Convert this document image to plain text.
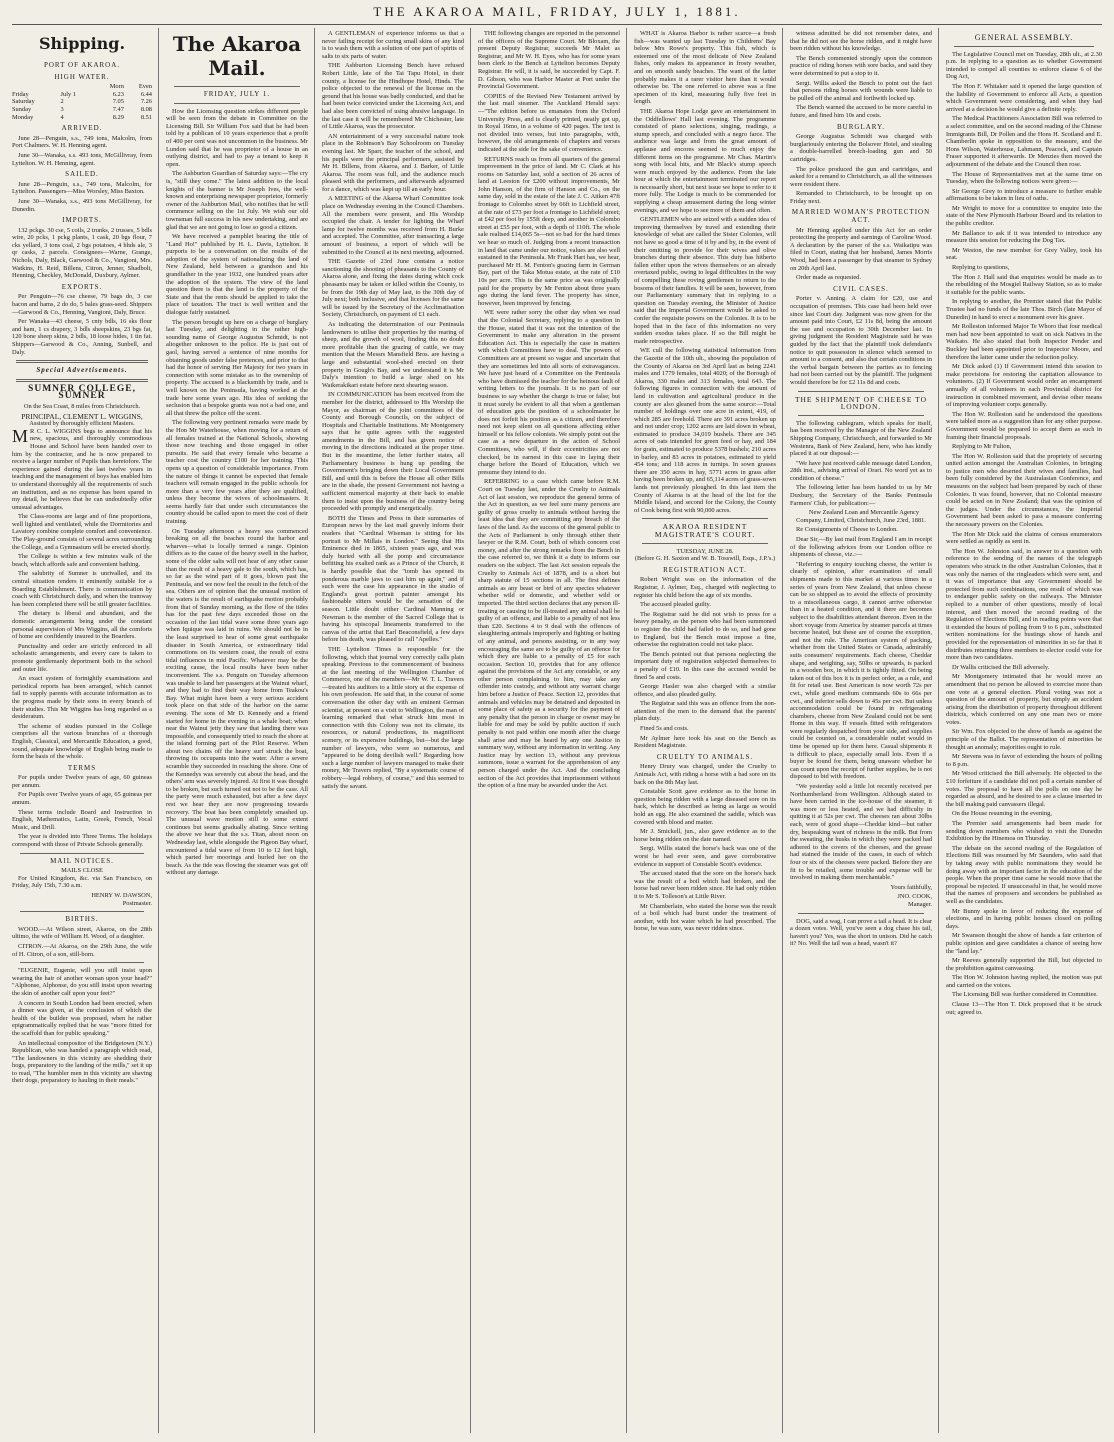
THE AKAROA MAIL, FRIDAY, JULY 1, 1881.
Shipping.
PORT OF AKAROA.
HIGH WATER.
		Morn	Even
Friday	July 1	6.23	6.44
Saturday	2	7.05	7.26
Sunday	3	7.47	8.08
Monday	4	8.29	8.51
ARRIVED.

June 28—Penguin, s.s., 749 tons, Malcolm, from Port Chalmers. W. H. Henning agent.

June 30—Wanaka, s.s. 493 tons, McGillivray, from Lyttelton. W. H. Henning, agent.

SAILED.

June 28—Penguin, s.s., 749 tons, Malcolm, for Lyttelton. Passengers—Miss Worsley, Miss Baxton.

June 30—Wanaka, s.s., 493 tons McGillivray, for Dunedin.

IMPORTS.

132 pckgs. 30 cse, 5 coils, 2 trunks, 2 trusses, 5 bdls wire, 20 pcks, 1 pckg plants, 1 cask, 20 bgs flour, 7 cks yellard, 3 tons coal, 2 bgs potatoes, 4 hhds ale, 3 qr casks, 2 parcels. Consignees—Warne, Grange, Nichols, Daly, Black, Garwood & Co., Vangioni, Mrs. Watkins, H. Reid, Billens, Citron, Jenner, Shadbolt, Henning, Checkley, McDonald, Duxbury, Aylmer.

EXPORTS.

Per Penguin—76 cse cheese, 79 bags do, 3 cse bacon and hams, 2 do do, 5 bales grass-seed. Shippers—Garwood & Co., Henning, Vangioni, Daly, Bruce.

Per Wanaka—43 cheese, 5 cnty bdls, 16 sks flour and ham, 1 cs drapery, 3 bdls sheepskins, 23 bgs fat, 120 bone sheep skins, 2 bdls, 18 loose hides, 1 tin fat. Shippers—Garwood & Co., Anning, Sunbell, and Daly.

Special Advertisements.
SUMNER COLLEGE, SUMNER
On the Sea Coast, 8 miles from Christchurch.
PRINCIPAL, CLEMENT L. WIGGINS,
Assisted by thoroughly efficient Masters.

M R C. L. WIGGINS begs to announce that his new, spacious, and thoroughly commodious House and School have been handed over to him by the contractor, and he is now prepared to receive a larger number of Pupils than heretofore. The experience gained during the last twelve years in teaching and the management of boys has enabled him to understand thoroughly all the requirements of such an institution, and as no expense has been spared in my detail, he believes that he can undoubtedly offer unusual advantages.

The Class-rooms are large and of fine proportions, well lighted and ventilated, while the Dormitories and Lavatory combine complete comfort and convenience. The Play-ground consists of several acres surrounding the College, and a Gymnasium will be erected shortly.

The College is within a few minutes walk of the beach, which affords safe and convenient bathing.

The salubrity of Sumner is unrivalled, and its central situation renders it eminently suitable for a Boarding Establishment. There is communication by coach with Christchurch daily, and when the tramway has been completed there will be still greater facilities.

The dietary is liberal and abundant, and the domestic arrangements being under the constant personal supervision of Mrs Wiggins, all the comforts of home are confidently insured to the Boarders.

Punctuality and order are strictly enforced in all scholastic arrangements, and every care is taken to promote gentlemanly deportment both in the school and outer life.

An exact system of fortnightly examinations and periodical reports has been arranged, which cannot fail to supply parents with accurate information as to the progress made by their sons in every branch of their studies. This Mr Wiggins has long regarded as a desideratum.

The scheme of studies pursued in the College comprises all the various branches of a thorough English, Classical, and Mercantile Education, a good, sound, adequate knowledge of English being made to form the basis of the whole.

TERMS

For pupils under Twelve years of age, 60 guineas per annum.

For Pupils over Twelve years of age, 65 guineas per annum.

These terms include Board and Instruction in English, Mathematics, Latin, Greek, French, Vocal Music, and Drill.

The year is divided into Three Terms. The holidays correspond with those of Private Schools generally.

MAIL NOTICES.
MAILS CLOSE

For United Kingdom, &c. via San Francisco, on Friday, July 15th, 7.30 a.m.

HENRY W. DAWSON,
Postmaster.
BIRTHS.

WOOD.—At Wilson street, Akaroa, on the 28th ultimo, the wife of William H. Wood, of a daughter.

CITRON.—At Akaroa, on the 29th June, the wife of H. Citron, of a son, still-born.

"EUGENIE, Eugenie, will you still insist upon wearing the hair of another woman upon your head?" "Alphonse, Alphonse, do you still insist upon wearing the skin of another calf upon your feet?"

A concern in South London had been erected, when a dinner was given, at the conclusion of which the health of the builder was proposed, when he rather epigrammatically replied that he was "more fitted for the scaffold than for public speaking."

An intellectual compositor of the Bridgetown (N.Y.) Republican, who was handed a paragraph which read, "The landowners in this vicinity are shedding their hogs, preparatory to the landing of the mills," set it up to read, "The humbler men in this vicinity are shaving their dogs, preparatory to hauling in their meals."

The Akaroa Mail.
FRIDAY, JULY 1.

How the Licensing question strikes different people will be seen from the debate in Committee on the Licensing Bill. Sir William Fox said that he had been told by a publican of 10 years experience that a profit of 400 per cent was not uncommon in the business. Mr Lundon said that he was proprietor of a house in an outlying district, and had to pay a tenant to keep it open.

The Ashburton Guardian of Saturday says:—The cry is, "still they come." The latest addition to the local knights of the banner is Mr Joseph Ives, the well-known and enterprising newspaper proprietor, formerly owner of the Ashburton Mail, who notifies that he will commence selling on the 1st July. We wish our old townsman full success in his new undertaking, and are glad that we are not going to lose so good a citizen.

We have received a pamphlet bearing the title of "Land Ho!" published by H. L. Davis, Lyttelton. It purports to be a conversation on the results of the adoption of the system of nationalizing the land of New Zealand, held between a grandson and his grandfather in the year 1932, one hundred years after the adoption of the system. The view of the land question there is that the land is the property of the State and that the rents should be applied to take the place of taxation. The tract is well written and the dialogue fairly sustained.

The person brought up here on a charge of burglary last Tuesday, and delighting in the rather high-sounding name of George Augustus Schmidt, is not altogether unknown to the police. He is just out of gaol, having served a sentence of nine months for obtaining goods under false pretences, and prior to that had the honor of serving Her Majesty for two years in connection with some mistake as to the ownership of property. The accused is a blacksmith by trade, and is well known on the Peninsula, having worked at the trade here some years ago. His idea of seeking the seclusion that a bespoke grants was not a bad one, and all that threw the police off the scent.

The following very pertinent remarks were made by the Hon Mr Waterhouse, when moving for a return of all females trained at the National Schools, showing those now teaching and those engaged in other pursuits. He said that every female who became a teacher cost the country £100 for her training. This opens up a question of considerable importance. From the nature of things it cannot be expected that female teachers will remain engaged in the public schools for more than a very few years after they are qualified, unless they become the wives of schoolmasters. It seems hardly fair that under such circumstances the country should be called upon to meet the cost of their training.

On Tuesday afternoon a heavy sea commenced breaking on all the beaches round the harbor and wharves—what is locally termed a range. Opinion differs as to the cause of the heavy swell in the harbor, some of the older salts will not hear of any other cause than the result of a heavy gale to the south, which has, so far as the wind part of it goes, blown past the Peninsula, and we now feel the result in the fetch of the sea. Others are of opinion that the unusual motion of the waters is the result of earthquake motion probably from that of Sunday morning, as the flow of the tides has for the past few days exceeded those on the occasion of the last tidal wave some three years ago when Iquique was laid in ruins. We should not be in the least surprised to hear of some great earthquake disaster in South America, or extraordinary tidal commotions on its western coast, the result of extra tidal influences in mid Pacific. Whatever may be the exciting cause, the local results have been rather inconvenient. The s.s. Penguin on Tuesday afternoon was unable to land her passengers at the Wainui wharf, and they had to find their way home from Teakou's Bay. What might have been a very serious accident took place on that side of the harbor on the same evening. The sons of Mr D. Kennedy and a friend started for home in the evening in a whale boat; when near the Wainui jetty they saw that landing there was impossible, and consequently tried to reach the shore at the island forming part of the Pilot Reserve. When about two chains off the heavy surf struck the boat, throwing its occupants into the water. After a severe scramble they succeeded in reaching the shore. One of the Kennedys was severely cut about the head, and the others' arm was severely injured. At first it was thought to be broken, but such turned out not to be the case. All the party were much exhausted, but after a few days' rest we hear they are now progressing towards recovery. The boat has been completely smashed up. The unusual wave motion still to some extent continues but seems gradually abating. Since writing the above we hear that the s.s. Titan, about noon on Wednesday last, while alongside the Pigeon Bay wharf, encountered a tidal wave of from 10 to 12 feet high, which parted her moorings and hurled her on the beach. As the tide was flowing the steamer was got off without any damage.

A GENTLEMAN of experience informs us that a never failing receipt for curing small skins of any kind is to wash them with a solution of one part of spirits of salts to six parts of water.

THE Ashburton Licensing Bench have refused Robert Little, late of the Tai Tapu Hotel, in their county, a license for the Hindhope Hotel, Hinds. The police objected to the renewal of the license on the ground that his house was badly conducted, and that he had been twice convicted under the Licensing Act, and had also been convicted of using abusive language. In the last case it will be remembered Mr Chichester, late of Little Akaroa, was the prosecutor.

AN entertainment of a very successful nature took place in the Robinson's Bay Schoolroom on Tuesday evening last. Mr Sparr, the teacher of the school, and his pupils were the principal performers, assisted by Mr H. Billens, from Akaroa, and J. Barker, of Little Akaroa. The room was full, and the audience much pleased with the performers, and afterwards adjourned for a dance, which was kept up till an early hour.

A MEETING of the Akaroa Wharf Committee took place on Wednesday evening in the Council Chambers. All the members were present, and His Worship occupied the chair. A tender for lighting the Wharf lamp for twelve months was received from H. Burke and accepted. The Committee, after transacting a large amount of business, a report of which will be submitted to the Council at its next meeting, adjourned.

THE Gazette of 23rd June contains a notice sanctioning the shooting of pheasants to the County of Akaroa alone, and fixing the dates during which cock pheasants may be taken or killed within the County, to be from the 19th day of May last, to the 30th day of July next; both inclusive, and that licenses for the same will be issued by the Secretary of the Acclimatisation Society, Christchurch, on payment of £1 each.

As indicating the determination of our Peninsula landowners to utilise their properties by the rearing of sheep, and the growth of wool, finding this no doubt more profitable than the grazing of cattle, we may mention that the Messrs Mansfield Bros. are having a large and substantial wool-shed erected on their property in Gough's Bay, and we understand it is Mr Daly's intention to build a large shed on his Waikerakikari estate before next shearing season.

IN COMMUNICATION has been received from the member for the district, addressed to His Worship the Mayor, as chairman of the joint committees of the County and Borough Councils, on the subject of Hospitals and Charitable Institutions. Mr Montgomery says that he quite agrees with the suggested amendments in the Bill, and has given notice of moving in the directions indicated at the proper time. But in the meantime, the letter further states, all Parliamentary business is hung up pending the Government's bringing down their Local Government Bill, and until this is before the House all other Bills are in the shade, the present Government not having a sufficient numerical majority at their back to enable them to insist upon the business of the country being proceeded with promptly and energetically.

BOTH the Times and Press in their summaries of European news by the last mail gravely inform their readers that "Cardinal Wiseman is sitting for his portrait to Mr Millais in London." Seeing that His Eminence died in 1865, sixteen years ago, and was duly buried with all the pomp and circumstance befitting his exalted rank as a Prince of the Church, it is hardly possible that the "tomb has opened its ponderous marble jaws to cast him up again," and if such were the case his appearance in the studio of England's great portrait painter amongst his fashionable sitters would be the sensation of the season. Little doubt either Cardinal Manning or Newman is the member of the Sacred College that is having his episcopal lineaments transferred to the canvas of the artist that Earl Beaconsfield, a few days before his death, was pleased to call "Apelles."

THE Lyttelton Times is responsible for the following, which that journal very correctly calls plain speaking. Previous to the commencement of business at the last meeting of the Wellington Chamber of Commerce, one of the members—Mr W. T. L. Travers—treated his auditors to a little story at the expense of his own profession. He said that, in the course of some conversation the other day with an eminent German scientist, at present on a visit to Wellington, the man of learning remarked that what struck him most in connection with this Colony was not its climate, its resources, or natural productions, its magnificent scenery, or its expensive buildings, but—but the large number of lawyers, who were so numerous, and "appeared to be doing devilish well." Regarding how such a large number of lawyers managed to make their money, Mr Travers replied, "By a systematic course of robbery—legal robbery, of course," and this seemed to satisfy the savant.

THE following changes are reported in the personnel of the officers of the Supreme Court. Mr Bloxam, the present Deputy Registrar, succeeds Mr Malet as Registrar, and Mr W. H. Eyes, who has for some years been clerk to the Bench at Lyttelton becomes Deputy Registrar. He will, it is said, be succeeded by Capt. F. D. Gibson, who was Harbor Master at Port under the Provincial Government.

COPIES of the Revised New Testament arrived by the last mail steamer. The Auckland Herald says:—"The edition before us emanates from the Oxford University Press, and is clearly printed, neatly got up, in Royal 16mo, in a volume of 420 pages. The text is not divided into verses, but into paragraphs, with, however, the old arrangements of chapters and verses indicated at the side for the sake of convenience.

RETURNS reach us from all quarters of the general improvement in the price of land. Mr C. Clark at his rooms on Saturday last, sold a section of 26 acres of land at Leeston for £200 without improvements, Mr John Hanson, of the firm of Hanson and Co., on the same day, sold in the estate of the late J. C. Aitken 47ft frontage to Colombo street by 66ft to Lichfield street, at the rate of £73 per foot a frontage to Lichfield street; at £42 per foot by 155ft deep, and another in Colombo street at £55 per foot, with a depth of 110ft. The whole sale realised £14,065 5s—not so bad for the hard times we hear so much of. Judging from a recent transaction in land that came under our notice, values are also well sustained in the Peninsula. Mr Frank Hart has, we hear, purchased Mr H. M. Fenton's grazing farm in German Bay, part of the Taka Motua estate, at the rate of £10 10s per acre. This is the same price as was originally paid for the property by Mr Fenton about three years ago during the land fever. The property has since, however, been improved by fencing.

WE were rather sorry the other day when we read that the Colonial Secretary, replying to a question in the House, stated that it was not the intention of the Government to make any alteration in the present Education Act. This is especially the case in matters with which Committees have to deal. The powers of Committees are at present so vague and uncertain that they are sometimes led into all sorts of extravagances. We have just heard of a Committee on the Peninsula who have dismissed the teacher for the heinous fault of writing letters to the journals. It is no part of our business to say whether the charge is true or false; but it must surely be evident to all that when a gentleman of education gets the position of a schoolmaster he does not forfeit his position as a citizen, and therefore need not keep silent on all questions affecting either himself or his fellow colonists. We simply point out the case as a new departure in the action of School Committees, who will, if their eccentricities are not checked, be in earnest in this case in laying their charge before the Board of Education, which we presume they intend to do.

REFERRING to a case which came before R.M. Court on Tuesday last, under the Cruelty to Animals Act of last session, we reproduce the general terms of the Act in question, as we feel sure many persons are guilty of gross cruelty to animals without having the least idea that they are committing any breach of the laws of the land. As the success of the general public to the Acts of Parliament is only through either their lawyer or the R.M. Court, both of which concern cost money, and after the strong remarks from the Bench in the case referred to, we think it a duty to inform our readers on the subject. The last Act session repeals the Cruelty to Animals Act of 1878, and is a short but sharp statute of 15 sections in all. The first defines animals as any beast or bird of any species whatever whether wild or domestic, and whether wild or imported. The third section declares that any person ill-treating or causing to be ill-treated any animal shall be guilty of an offence, and liable to a penalty of not less than £20. Sections 4 to 9 deal with the offences of slaughtering animals improperly and fighting or baiting of any animal, and persons assisting, or in any way encouraging the same are to be guilty of an offence for which they are liable to a penalty of £5 for each occasion. Section 10, provides that for any offence against the provisions of the Act any constable, or any other person complaining to him, may take any offender into custody, and without any warrant charge him before a Justice of Peace. Section 12, provides that animals and vehicles may be detained and deposited in some place of safety as a security for the payment of any penalty that the person in charge or owner may be liable for and may be sold by public auction if such penalty is not paid within one month after the charge shall arise and may be heard by any one Justice in summary way, without any information in writing. Any Justice may by section 13, without any previous summons, issue a warrant for the apprehension of any person charged under the Act. And the concluding section of the Act provides that imprisonment without the option of a fine may be awarded under the Act.

WHAT is Akaroa Harbor is rather scarce—a fresh fish—was wanted up last Tuesday in Childrens' Bay below Mrs Rowe's property. This fish, which is esteemed one of the most delicate of New Zealand fishes, only makes its appearance in frosty weather, and on smooth sandy beaches. The want of the latter probably makes it a rarer visitor here than it would otherwise be. The one referred to above was a fine specimen of its kind, measuring fully five feet in length.

THE Akaroa Hope Lodge gave an entertainment in the Oddfellows' Hall last evening. The programme consisted of piano selections, singing, readings, a stump speech, and concluded with a negro farce. The audience was large and from the great amount of applause and encores seemed to much enjoy the different items on the programme. Mr Chas. Martin's song with local hits, and Mr Black's stump speech were much enjoyed by the audience. From the late hour at which the entertainment terminated our report is necessarily short, but next issue we hope to refer to it more fully. The Lodge is much to be commended for supplying a cheap amusement during the long winter evenings, and we hope to see more of them and often.

GENTLEMEN who are seized with a sudden idea of improving themselves by travel and extending their knowledge of what are called the Sister Colonies, will not have so good a time of it by and by, in the event of their omitting to provide for their wives and olive branches during their absence. This duty has hitherto fallen either upon the wives themselves or an already overtaxed public, owing to legal difficulties in the way of compelling these roving gentlemen to return to the bosoms of their families. It will be seen, however, from our Parliamentary summary that in replying to a question on Tuesday evening, the Minister of Justice said that the Imperial Government would be asked to confer the requisite powers on the Colonies. It is to be hoped that in the face of this information no very sudden exodus takes place. If so the Bill might be made retrospective.

WE cull the following statistical information from the Gazette of the 10th ult., showing the population of the County of Akaroa on 3rd April last as being 2241 males and 1779 females, total 4020; of the Borough of Akaroa, 330 males and 313 females, total 643. The following figures in connection with the amount of land in cultivation and agricultural produce in the county are also gleaned from the same source:—Total number of holdings over one acre in extent, 419, of which 285 are freehold. There are 391 acres broken up and not under crop; 1202 acres are laid down in wheat, estimated to produce 34,019 bushels. There are 345 acres of oats intended for green feed or hay, and 184 for grain, estimated to produce 5378 bushels; 210 acres in barley, and 83 acres in potatoes, estimated to yield 454 tons; and 118 acres in turnips. In sown grasses there are 350 acres in hay, 5771 acres in grass after having been broken up, and 65,114 acres of grass-sown lands not previously ploughed. In this last item the County of Akaroa is at the head of the list for the Middle Island, and second for the Colony, the County of Cook being first with 90,000 acres.

AKAROA RESIDENT MAGISTRATE'S COURT.
TUESDAY, JUNE 28.
(Before G. H. Saxton and W. B. Tosswill, Esqs., J.P.'s.)
REGISTRATION ACT.

Robert Wright was on the information of the Registrar, J. Aylmer, Esq., charged with neglecting to register his child before the age of six months.

The accused pleaded guilty.

The Registrar said he did not wish to press for a heavy penalty, as the person who had been summoned to register the child had failed to do so, and had gone to England, but the Bench must impose a fine, otherwise the registration could not take place.

The Bench pointed out that persons neglecting the important duty of registration subjected themselves to a penalty of £10. In this case the accused would be fined 5s and costs.

George Hasler was also charged with a similar offence, and also pleaded guilty.

The Registrar said this was an offence from the non-attention of the men to the demand that the parents' plain duty.

Fined 5s and costs.

Mr Aylmer here took his seat on the Bench as Resident Magistrate.

CRUELTY TO ANIMALS.

Henry Drury was charged, under the Cruelty to Animals Act, with riding a horse with a bad sore on its back on the 8th May last.

Constable Scott gave evidence as to the horse in question being ridden with a large diseased sore on its back, which he described as being as large as would hold an egg. He also examined the saddle, which was covered with blood and matter.

Mr J. Smickell, jun., also gave evidence as to the horse being ridden on the date named.

Sergt. Willis stated the horse's back was one of the worst he had ever seen, and gave corroborative evidence in support of Constable Scott's evidence.

The accused stated that the sore on the horse's back was the result of a boil which had broken, and the horse had never been ridden since. He had only ridden it to Mr S. Tolleson's at Little River.

Mr Chamberlain, who stated the horse was the result of a boil which had burst under the treatment of another, with hot water which he had prescribed. The horse, he was sure, was never ridden since.

witness admitted he did not remember dates, and that he did not see the horse ridden, and it might have been ridden without his knowledge.

The Bench commented strongly upon the common practice of riding horses with sore backs, and said they were determined to put a stop to it.

Sergt. Willis asked the Bench to point out the fact that persons riding horses with wounds were liable to be pulled off the animal and forthwith locked up.

The Bench warned the accused to be more careful in future, and fined him 10s and costs.

BURGLARY.

George Augustus Schmidt was charged with burglariously entering the Bolsover Hotel, and stealing a double-barrelled breech-loading gun and 50 cartridges.

The police produced the gun and cartridges, and asked for a remand to Christchurch, as all the witnesses were resident there.

Remanded to Christchurch, to be brought up on Friday next.

MARRIED WOMAN'S PROTECTION ACT.

Mr Henning applied under this Act for an order protecting the property and earnings of Caroline Wood. A declaration by the parser of the s.s. Waikatipu was filed in Court, stating that her husband, James Morris Wood, had been a passenger by that steamer to Sydney on 20th April last.

Order made as requested.

CIVIL CASES.

Porter v. Anning. A claim for £20, use and occupation of premises. This case had been held over since last Court day. Judgment was now given for the amount paid into Court, £2 11s 8d, being the amount the use and occupation to 30th December last. In giving judgment the Resident Magistrate said he was guided by the fact that the plaintiff took defendant's notice to quit possession in silence which seemed to amount to a consent, and also that certain conditions in the verbal bargain between the parties as to fencing had not been carried out by the plaintiff. The judgment would therefore be for £2 11s 8d and costs.

THE SHIPMENT OF CHEESE TO LONDON.

The following cablegram, which speaks for itself, has been received by the Manager of the New Zealand Shipping Company, Christchurch, and forwarded to Mr Westenra, Bank of New Zealand, here, who has kindly placed it at our disposal:—

"We have just received cable message dated London, 28th inst., advising arrival of Orari. No word yet as to condition of cheese."

The following letter has been handed to us by Mr Duxbury, the Secretary of the Banks Peninsula Farmers' Club, for publication:—

New Zealand Loan and Mercantile Agency Company, Limited, Christchurch, June 23rd, 1881.

Re Consignments of Cheese to London.

Dear Sir,—By last mail from England I am in receipt of the following advices from our London office re shipments of cheese, viz.:—

"Referring to enquiry touching cheese, the writer is clearly of opinion, after examination of small shipments made to this market at various times in a series of years from New Zealand, that unless cheese can be so shipped as to avoid the effects of proximity to a miscellaneous cargo, it cannot arrive otherwise than in a heated condition, and it there are becomes subject to the disabilities attendant thereon. Even in the short voyage from America by steamer parcels at times become heated, but these are of course the exception, and not the rule. The American system of packing, whether from the United States or Canada, admirably suits consumers' requirements. Each cheese, Cheddar shape, and weighing, say, 50lbs or upwards, is packed in a wooden box, in which it is tightly fitted. On being taken out of this box it is in perfect order, as a rule, and fit for retail use. Best American is now worth 72s per cwt., while good medium commands 60s to 66s per cwt., and inferior sells down to 45s per cwt. But unless accommodation could be found in refrigerating chambers, cheese from New Zealand could not be sent Home in this way. If vessels fitted with refrigerators were regularly despatched from your side, and supplies could be counted on, a considerable outlet would in time be opened up for them here. Casual shipments it is difficult to place, especially small lots. Even if a buyer be found for them, being unaware whether he can count upon the receipt of further supplies, he is not disposed to bid with freedom.

"We yesterday sold a little lot recently received per Northumberland from Wellington. Although stated to have been carried in the ice-house of the steamer, it was more or less heated, and we had difficulty in quitting it at 52s per cwt. The cheeses ran about 30lbs each, were of good shape—Cheddar kind—but rather dry, bespeaking want of richness in the milk. But from the sweating, the husks in which they were packed had adhered to the covers of the cheeses, and the grease had stained the inside of the cases, in each of which four or six of the cheeses were packed. Before they are fit to be retailed, some trouble and expense will be involved in making them merchantable."

Yours faithfully,

JNO. COOK,
Manager.

DOG, said a wag, I can prove a tail a head. It is clear a dozen votes. Well, you've seen a dog chase his tail, haven't you? Yes, was the short in unison. Did he catch it? No. Well the tail was a head, wasn't it?

GENERAL ASSEMBLY.

The Legislative Council met on Tuesday, 28th ult., at 2.30 p.m. In replying to a question as to whether Government intended to compel all counties to enforce clause 6 of the Dog Act,

The Hon F. Whitaker said it opened the large question of the liability of Government to enforce all Acts, a question which Government were considering, and when they had arrived at a decision he would give a definite reply.

The Medical Practitioners Association Bill was referred to a select committee, and on the second reading of the Chinese Immigrants Bill, Dr Pollen and the Hons H. Scotland and E. Chamberlin spoke in opposition to the measure, and the Hons Wilson, Waterhouse, Lahmann, Peacock, and Captain Fraser supported it afterwards. Dr Menzies then moved the adjournment of the debate and the Council then rose.

The House of Representatives met at the same time on Tuesday, when the following notices were given:—

Sir George Grey to introduce a measure to further enable affirmations to be taken in lieu of oaths.

Mr Wright to move for a committee to enquire into the state of the New Plymouth Harbour Board and its relation to the public creditor.

Mr Ballance to ask if it was intended to introduce any measure this session for reducing the Dog Tax.

Mr Weston, the new member for Grey Valley, took his seat.

Replying to questions,

The Hon J. Hall said that enquiries would be made as to the rebuilding of the Mosgiel Railway Station, so as to make it suitable for the public wants.

In replying to another, the Premier stated that the Public Trustee had no funds of the late Thos. Birch (late Mayor of Dunedin) in hand to erect a monument over his grave.

Mr Rolleston informed Major Te Whoro that four medical men had now been appointed to wait on sick Natives in the Waikato. He also stated that both Inspector Pender and Buckley had been appointed prior to Inspector Moore, and therefore the latter came under the reduction policy.

Mr Dick asked (1) If Government intend this session to make provisions for restoring the capitation allowance to volunteers. (2) If Government would order an encampment annually of all volunteers in each Provincial district for instruction in combined movement, and devise other means of improving volunteer corps generally.

The Hon W. Rolleston said he understood the questions were tabled more as a suggestion than for any other purpose. Government would be prepared to accept them as such in framing their financial proposals.

Replying to Mr Fulton,

The Hon W. Rolleston said that the propriety of securing united action amongst the Australian Colonies, in bringing to justice men who deserted their wives and families, had been fully considered by the Australasian Conference, and measures on the subject had been prepared by each of these Colonies. It was found, however, that no Colonial measure could be acted on in New Zealand; that was the opinion of the judges. Under the circumstances, the Imperial Government had been asked to pass a measure conferring the necessary powers on the Colonies.

The Hon Mr Dick said the claims of census enumerators were settled as rapidly as sent in.

The Hon W. Johnston said, in answer to a question with reference to the sending of the names of the telegraph operators who struck in the other Australian Colonies, that it was only the names of the ringleaders which were sent, and it was of importance that any Government should be protected from such combinations, one result of which was to endanger public safety on the railways. The Minister replied to a number of other questions, mostly of local interest, and then moved the second reading of the Regulation of Elections Bill, and in reading points were that it extended the hours of polling from 9 to 6 p.m., substituted written nominations for the hustings show of hands and provided for the representation of minorities in so far that it distributes returning three members to elector could vote for more than two candidates.

Dr Wallis criticised the Bill adversely.

Mr Montgomery intimated that he would move an amendment that no person be allowed to exercise more than one vote at a general election. Plural voting was not a question of the amount of property, but simply an accident arising from the distribution of property throughout different districts, which conferred on any one man two or more votes.

Sir Wm. Fox objected to the show of hands as against the principle of the Ballot. The representation of minorities he thought an anomaly; majorities ought to rule.

Mr Stevens was in favor of extending the hours of polling to 8 p.m.

Mr Wood criticised the Bill adversely. He objected to the £10 forfeiture if a candidate did not poll a certain number of votes. The proposal to have all the polls on one day he regarded as absurd, and he desired to see a clause inserted in the bill making paid canvassers illegal.

On the House resuming in the evening,

The Premier said arrangements had been made for sending down members who wished to visit the Dunedin Exhibition by the Hinemoa on Thursday.

The debate on the second reading of the Regulation of Elections Bill was resumed by Mr Saunders, who said that by taking away with public nominations they would be doing away with an important factor in the education of the people. When the proper time came he would move that the proposal be rejected. If unsuccessful in that, he would move that the names of proposers and seconders be published as well as the candidates.

Mr Bunny spoke in favor of reducing the expense of elections, and in having public houses closed on polling days.

Mr Swanson thought the show of hands a fair criterion of public opinion and gave candidates a chance of seeing how the "land lay."

Mr Reeves generally supported the Bill, but objected to the prohibition against canvassing.

The Hon W. Johnston having replied, the motion was put and carried on the voices.

The Licensing Bill was further considered in Committee.

Clause 13—The Hon T. Dick proposed that it be struck out; agreed to.
